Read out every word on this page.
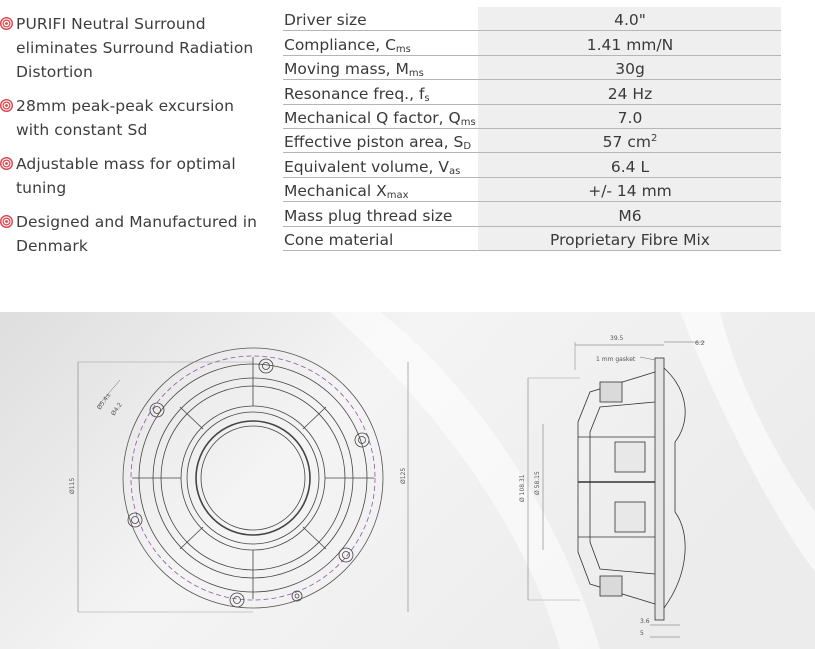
PURIFI Neutral Surround eliminates Surround Radiation Distortion
28mm peak-peak excursion with constant Sd
Adjustable mass for optimal tuning
Designed and Manufactured in Denmark
Driver size	4.0"
Compliance, $C_{ms}$	1.41 mm/N
Moving mass, $M_{ms}$	30g
Resonance freq., $f_s$	24 Hz
Mechanical Q factor, $Q_{ms}$	7.0
Effective piston area, $S_D$	57 $cm^2$
Equivalent volume, $V_{as}$	6.4 L
Mechanical $X_{max}$	+/- 14 mm
Mass plug thread size	M6
Cone material	Proprietary Fibre Mix
Ø115
Ø125
Ø5.4±
Ø4.2
39.5
6.2
1 mm gasket
Ø 108.31 Ø 58.15
3.6
5
